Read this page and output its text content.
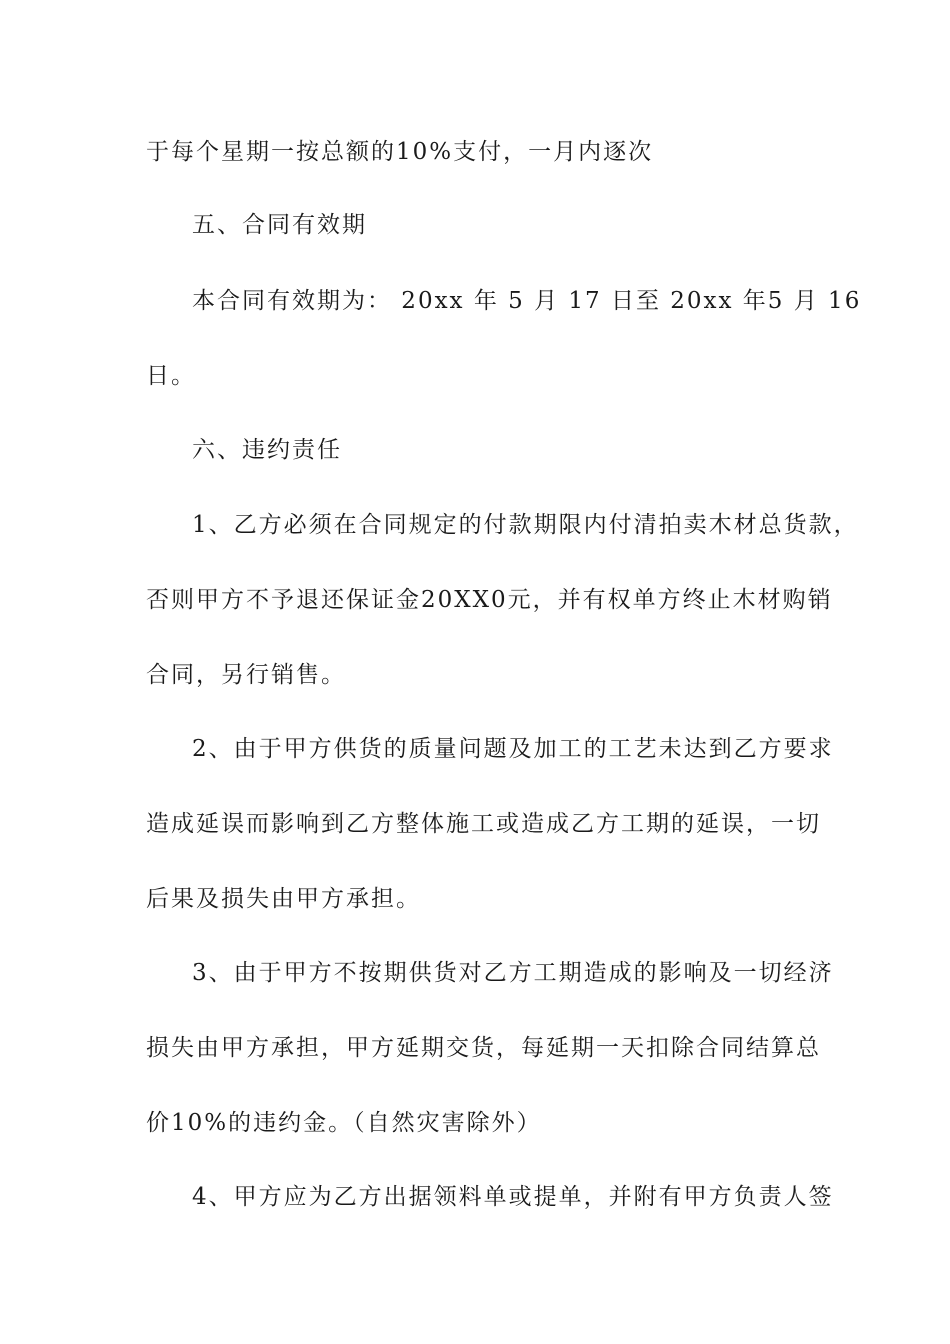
于每个星期一按总额的10%支付，一月内逐次
五、合同有效期
本合同有效期为： 20xx 年 5 月 17 日至 20xx 年5 月 16
日。
六、违约责任
1、乙方必须在合同规定的付款期限内付清拍卖木材总货款，
否则甲方不予退还保证金20XX0元，并有权单方终止木材购销
合同，另行销售。
2、由于甲方供货的质量问题及加工的工艺未达到乙方要求
造成延误而影响到乙方整体施工或造成乙方工期的延误，一切
后果及损失由甲方承担。
3、由于甲方不按期供货对乙方工期造成的影响及一切经济
损失由甲方承担，甲方延期交货，每延期一天扣除合同结算总
价10%的违约金。（自然灾害除外）
4、甲方应为乙方出据领料单或提单，并附有甲方负责人签
